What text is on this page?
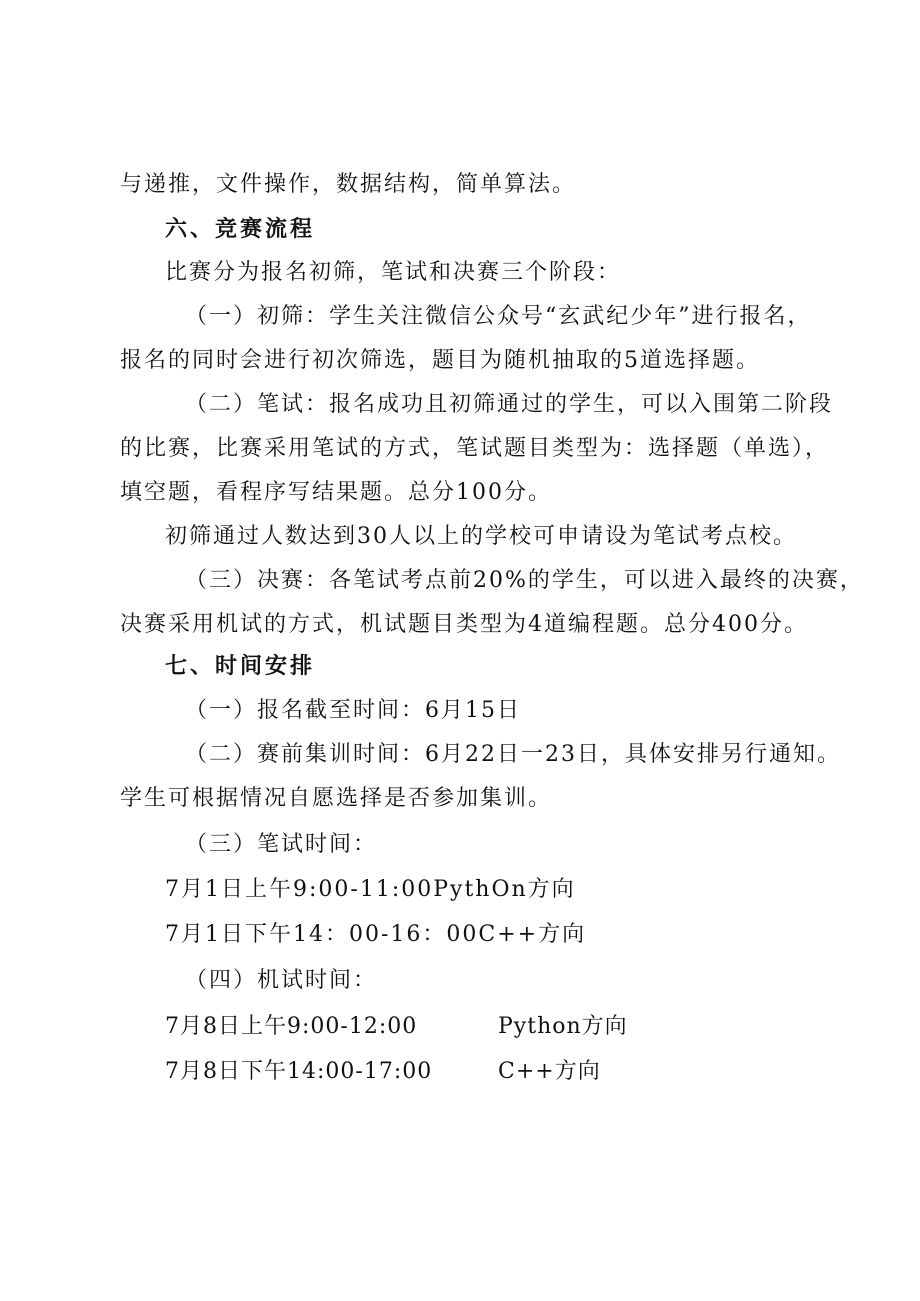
与递推，文件操作，数据结构，简单算法。
六、竞赛流程
比赛分为报名初筛，笔试和决赛三个阶段：
（一）初筛：学生关注微信公众号“玄武纪少年”进行报名，
报名的同时会进行初次筛选，题目为随机抽取的5道选择题。
（二）笔试：报名成功且初筛通过的学生，可以入围第二阶段
的比赛，比赛采用笔试的方式，笔试题目类型为：选择题（单选），
填空题，看程序写结果题。总分100分。
初筛通过人数达到30人以上的学校可申请设为笔试考点校。
（三）决赛：各笔试考点前20%的学生，可以进入最终的决赛，
决赛采用机试的方式，机试题目类型为4道编程题。总分400分。
七、时间安排
（一）报名截至时间：6月15日
（二）赛前集训时间：6月22日一23日，具体安排另行通知。
学生可根据情况自愿选择是否参加集训。
（三）笔试时间：
7月1日上午9:00-11:00PythOn方向
7月1日下午14：00-16：00C++方向
（四）机试时间：
7月8日上午9:00-12:00	Python方向
7月8日下午14:00-17:00	C++方向
